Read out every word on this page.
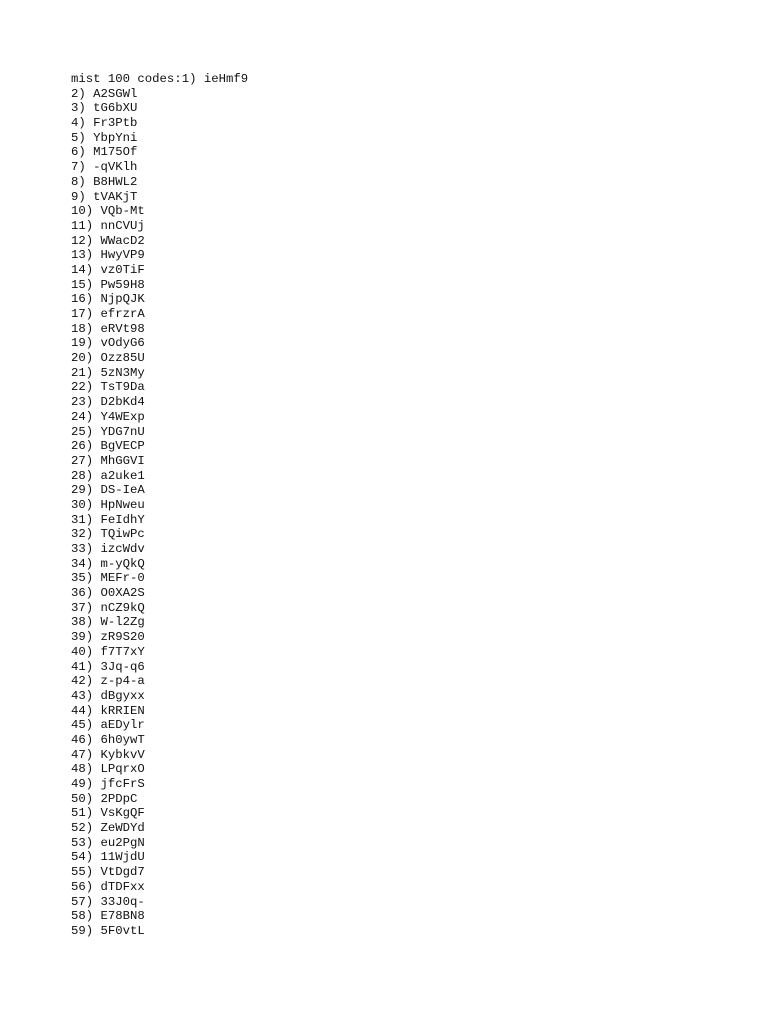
mist 100 codes:1) ieHmf9
2) A2SGWl
3) tG6bXU
4) Fr3Ptb
5) YbpYni
6) M175Of
7) -qVKlh
8) B8HWL2
9) tVAKjT
10) VQb-Mt
11) nnCVUj
12) WWacD2
13) HwyVP9
14) vz0TiF
15) Pw59H8
16) NjpQJK
17) efrzrA
18) eRVt98
19) vOdyG6
20) Ozz85U
21) 5zN3My
22) TsT9Da
23) D2bKd4
24) Y4WExp
25) YDG7nU
26) BgVECP
27) MhGGVI
28) a2uke1
29) DS-IeA
30) HpNweu
31) FeIdhY
32) TQiwPc
33) izcWdv
34) m-yQkQ
35) MEFr-0
36) O0XA2S
37) nCZ9kQ
38) W-l2Zg
39) zR9S20
40) f7T7xY
41) 3Jq-q6
42) z-p4-a
43) dBgyxx
44) kRRIEN
45) aEDylr
46) 6h0ywT
47) KybkvV
48) LPqrxO
49) jfcFrS
50) 2PDpC
51) VsKgQF
52) ZeWDYd
53) eu2PgN
54) 11WjdU
55) VtDgd7
56) dTDFxx
57) 33J0q-
58) E78BN8
59) 5F0vtL
